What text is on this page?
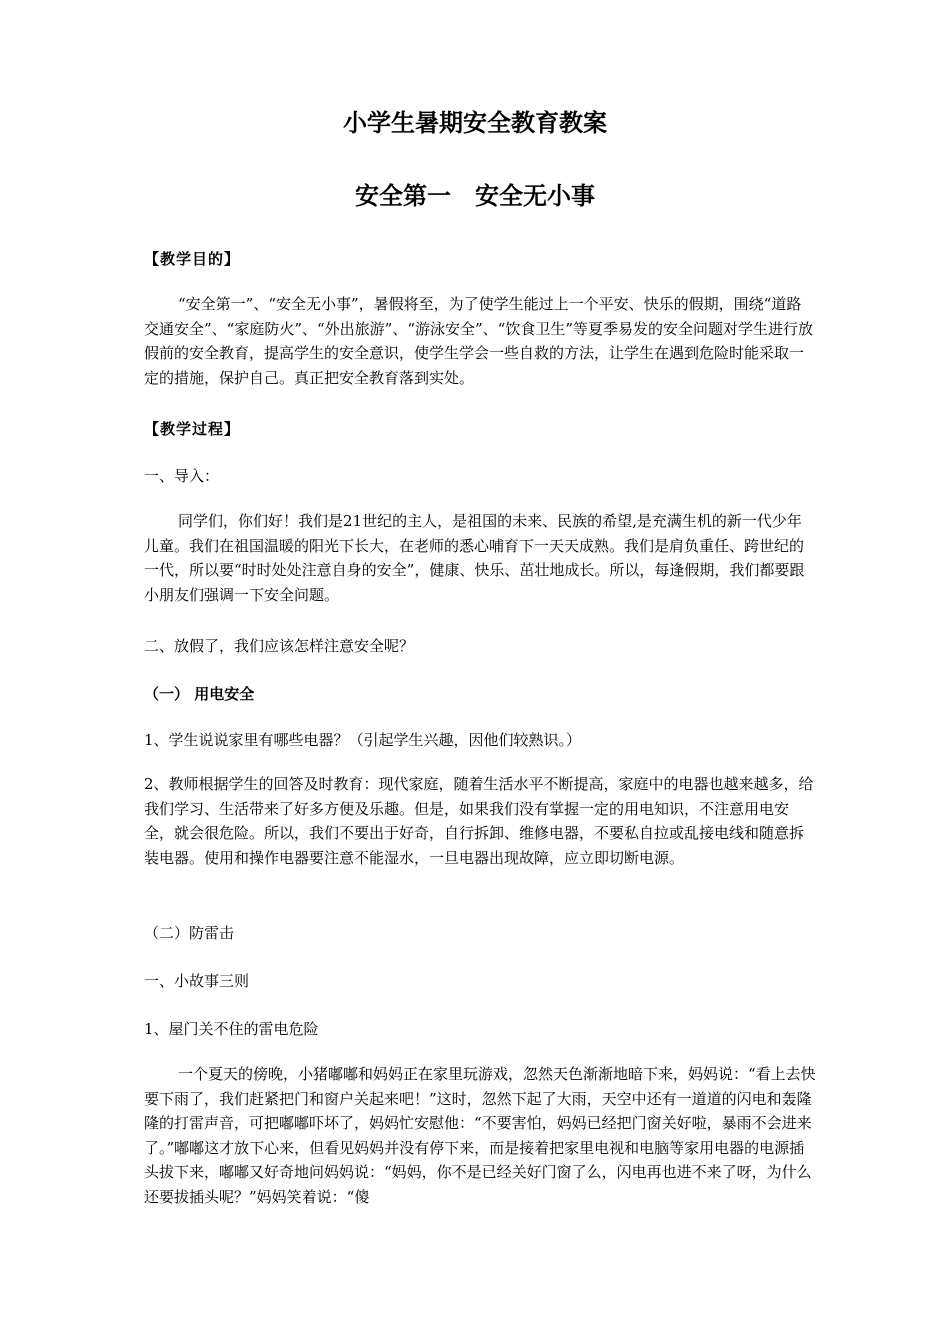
小学生暑期安全教育教案
安全第一　安全无小事
【教学目的】

“安全第一”、“安全无小事”，暑假将至，为了使学生能过上一个平安、快乐的假期，围绕“道路交通安全”、“家庭防火”、“外出旅游”、“游泳安全”、“饮食卫生”等夏季易发的安全问题对学生进行放假前的安全教育，提高学生的安全意识，使学生学会一些自救的方法，让学生在遇到危险时能采取一定的措施，保护自己。真正把安全教育落到实处。

【教学过程】
一、导入：

同学们，你们好！我们是21世纪的主人，是祖国的未来、民族的希望,是充满生机的新一代少年儿童。我们在祖国温暖的阳光下长大，在老师的悉心哺育下一天天成熟。我们是肩负重任、跨世纪的一代，所以要“时时处处注意自身的安全”，健康、快乐、茁壮地成长。所以，每逢假期，我们都要跟小朋友们强调一下安全问题。

二、放假了，我们应该怎样注意安全呢？
（一） 用电安全
1、学生说说家里有哪些电器？（引起学生兴趣，因他们较熟识。）

2、教师根据学生的回答及时教育：现代家庭，随着生活水平不断提高，家庭中的电器也越来越多，给我们学习、生活带来了好多方便及乐趣。但是，如果我们没有掌握一定的用电知识，不注意用电安全，就会很危险。所以，我们不要出于好奇，自行拆卸、维修电器，不要私自拉或乱接电线和随意拆装电器。使用和操作电器要注意不能湿水，一旦电器出现故障，应立即切断电源。

（二）防雷击
一、小故事三则
1、屋门关不住的雷电危险

一个夏天的傍晚，小猪嘟嘟和妈妈正在家里玩游戏，忽然天色渐渐地暗下来，妈妈说：“看上去快要下雨了，我们赶紧把门和窗户关起来吧！”这时，忽然下起了大雨，天空中还有一道道的闪电和轰隆隆的打雷声音，可把嘟嘟吓坏了，妈妈忙安慰他：“不要害怕，妈妈已经把门窗关好啦，暴雨不会进来了。”嘟嘟这才放下心来，但看见妈妈并没有停下来，而是接着把家里电视和电脑等家用电器的电源插头拔下来，嘟嘟又好奇地问妈妈说：“妈妈，你不是已经关好门窗了么，闪电再也进不来了呀，为什么还要拔插头呢？”妈妈笑着说：“傻
